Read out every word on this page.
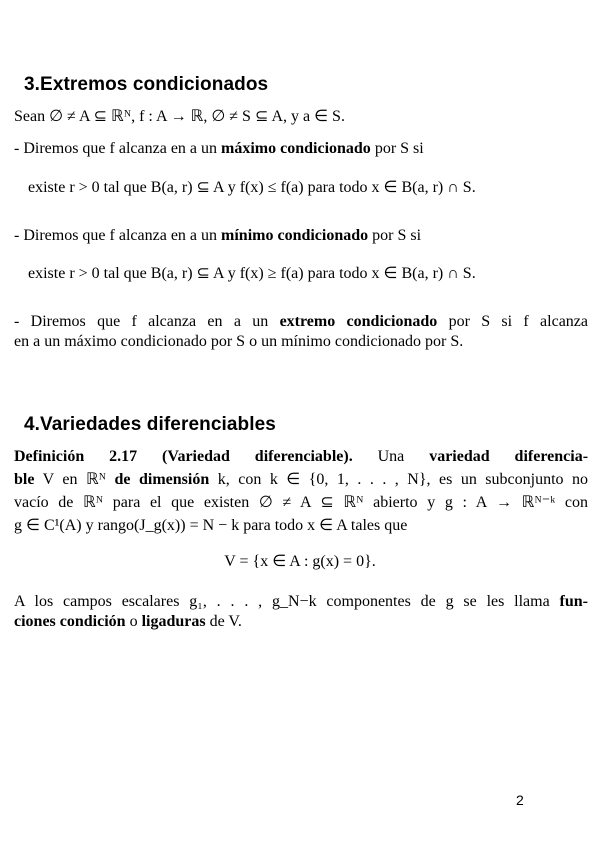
3.Extremos condicionados
Sean ∅ ≠ A ⊆ ℝᴺ, f : A → ℝ, ∅ ≠ S ⊆ A, y a ∈ S.
- Diremos que f alcanza en a un máximo condicionado por S si
existe r > 0 tal que B(a, r) ⊆ A y f(x) ≤ f(a) para todo x ∈ B(a, r) ∩ S.
- Diremos que f alcanza en a un mínimo condicionado por S si
existe r > 0 tal que B(a, r) ⊆ A y f(x) ≥ f(a) para todo x ∈ B(a, r) ∩ S.
- Diremos que f alcanza en a un extremo condicionado por S si f alcanza
en a un máximo condicionado por S o un mínimo condicionado por S.
4.Variedades diferenciables
Definición 2.17 (Variedad diferenciable). Una variedad diferencia-
ble V en ℝᴺ de dimensión k, con k ∈ {0, 1, . . . , N}, es un subconjunto no
vacío de ℝᴺ para el que existen ∅ ≠ A ⊆ ℝᴺ abierto y g : A → ℝᴺ⁻ᵏ con
g ∈ C¹(A) y rango(J_g(x)) = N − k para todo x ∈ A tales que
V = {x ∈ A : g(x) = 0}.
A los campos escalares g₁, . . . , g_N−k componentes de g se les llama fun-
ciones condición o ligaduras de V.
2
